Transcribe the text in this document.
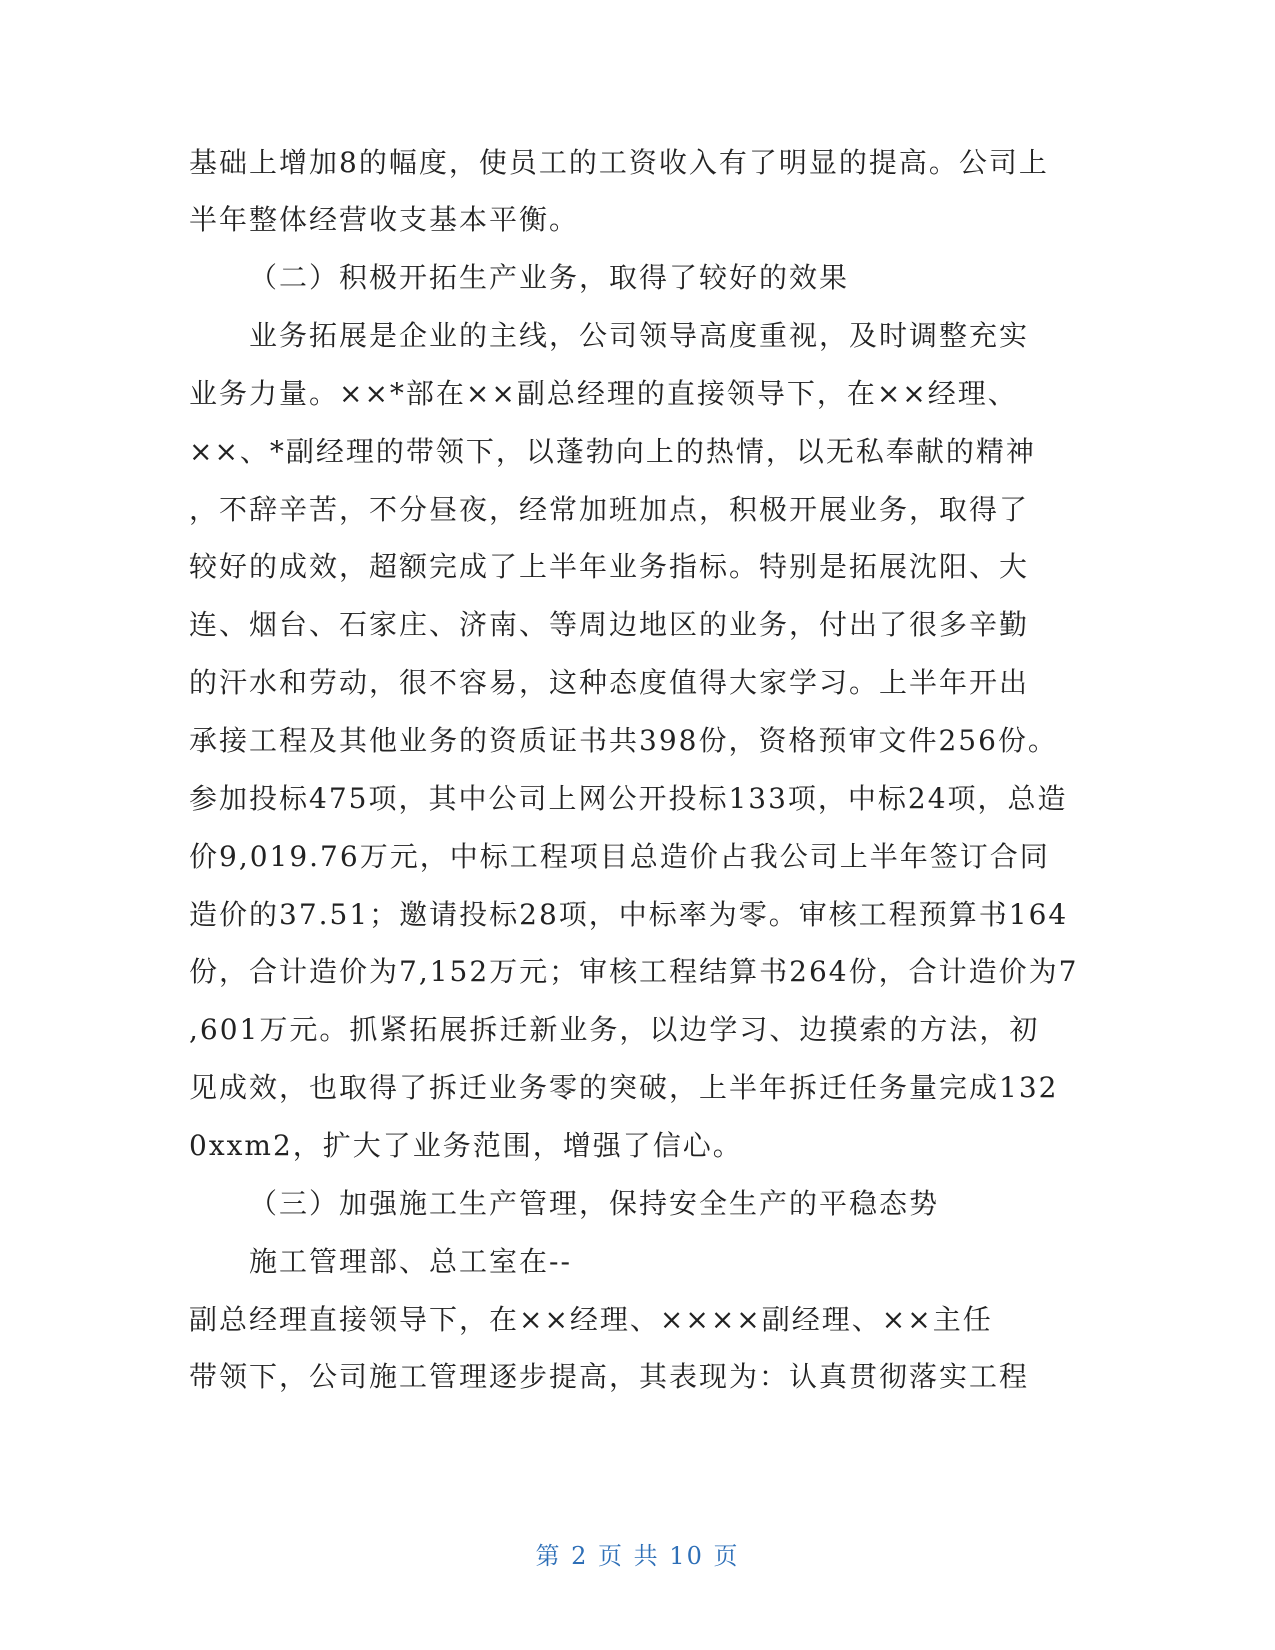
基础上增加8的幅度，使员工的工资收入有了明显的提高。公司上
半年整体经营收支基本平衡。
（二）积极开拓生产业务，取得了较好的效果
业务拓展是企业的主线，公司领导高度重视，及时调整充实
业务力量。××*部在××副总经理的直接领导下，在××经理、
××、*副经理的带领下，以蓬勃向上的热情，以无私奉献的精神
，不辞辛苦，不分昼夜，经常加班加点，积极开展业务，取得了
较好的成效，超额完成了上半年业务指标。特别是拓展沈阳、大
连、烟台、石家庄、济南、等周边地区的业务，付出了很多辛勤
的汗水和劳动，很不容易，这种态度值得大家学习。上半年开出
承接工程及其他业务的资质证书共398份，资格预审文件256份。
参加投标475项，其中公司上网公开投标133项，中标24项，总造
价9,019.76万元，中标工程项目总造价占我公司上半年签订合同
造价的37.51；邀请投标28项，中标率为零。审核工程预算书164
份，合计造价为7,152万元；审核工程结算书264份，合计造价为7
,601万元。抓紧拓展拆迁新业务，以边学习、边摸索的方法，初
见成效，也取得了拆迁业务零的突破，上半年拆迁任务量完成132
0xxm2，扩大了业务范围，增强了信心。
（三）加强施工生产管理，保持安全生产的平稳态势
施工管理部、总工室在--
副总经理直接领导下，在××经理、××××副经理、××主任
带领下，公司施工管理逐步提高，其表现为：认真贯彻落实工程
第 2 页 共 10 页
